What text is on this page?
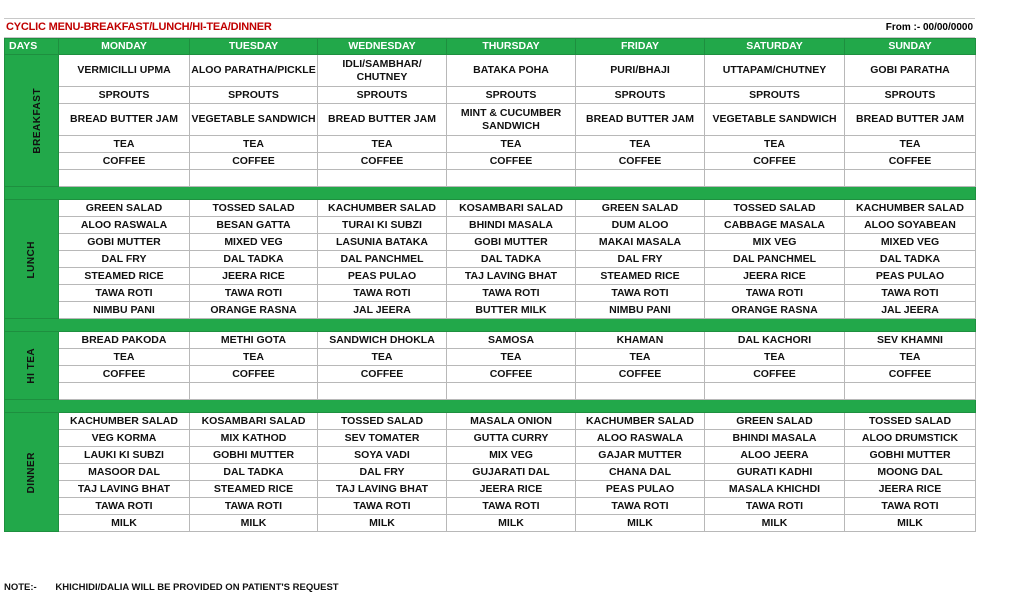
CYCLIC MENU-BREAKFAST/LUNCH/HI-TEA/DINNER	From :- 00/00/0000
DAYS	MONDAY	TUESDAY	WEDNESDAY	THURSDAY	FRIDAY	SATURDAY	SUNDAY
BREAKFAST	VERMICILLI UPMA	ALOO PARATHA/PICKLE	IDLI/SAMBHAR/ CHUTNEY	BATAKA POHA	PURI/BHAJI	UTTAPAM/CHUTNEY	GOBI PARATHA
	SPROUTS	SPROUTS	SPROUTS	SPROUTS	SPROUTS	SPROUTS	SPROUTS
	BREAD BUTTER JAM	VEGETABLE SANDWICH	BREAD BUTTER JAM	MINT & CUCUMBER SANDWICH	BREAD BUTTER JAM	VEGETABLE SANDWICH	BREAD BUTTER JAM
	TEA	TEA	TEA	TEA	TEA	TEA	TEA
	COFFEE	COFFEE	COFFEE	COFFEE	COFFEE	COFFEE	COFFEE

LUNCH	GREEN SALAD	TOSSED SALAD	KACHUMBER SALAD	KOSAMBARI SALAD	GREEN SALAD	TOSSED SALAD	KACHUMBER SALAD
	ALOO RASWALA	BESAN GATTA	TURAI KI SUBZI	BHINDI MASALA	DUM ALOO	CABBAGE MASALA	ALOO SOYABEAN
	GOBI MUTTER	MIXED VEG	LASUNIA BATAKA	GOBI MUTTER	MAKAI MASALA	MIX VEG	MIXED VEG
	DAL FRY	DAL TADKA	DAL PANCHMEL	DAL TADKA	DAL FRY	DAL PANCHMEL	DAL TADKA
	STEAMED RICE	JEERA RICE	PEAS PULAO	TAJ LAVING BHAT	STEAMED RICE	JEERA RICE	PEAS PULAO
	TAWA ROTI	TAWA ROTI	TAWA ROTI	TAWA ROTI	TAWA ROTI	TAWA ROTI	TAWA ROTI
	NIMBU PANI	ORANGE RASNA	JAL JEERA	BUTTER MILK	NIMBU PANI	ORANGE RASNA	JAL JEERA

HI TEA	BREAD PAKODA	METHI GOTA	SANDWICH DHOKLA	SAMOSA	KHAMAN	DAL KACHORI	SEV KHAMNI
	TEA	TEA	TEA	TEA	TEA	TEA	TEA
	COFFEE	COFFEE	COFFEE	COFFEE	COFFEE	COFFEE	COFFEE

DINNER	KACHUMBER SALAD	KOSAMBARI SALAD	TOSSED SALAD	MASALA ONION	KACHUMBER SALAD	GREEN SALAD	TOSSED SALAD
	VEG KORMA	MIX KATHOD	SEV TOMATER	GUTTA CURRY	ALOO RASWALA	BHINDI MASALA	ALOO DRUMSTICK
	LAUKI KI SUBZI	GOBHI MUTTER	SOYA VADI	MIX VEG	GAJAR MUTTER	ALOO JEERA	GOBHI MUTTER
	MASOOR DAL	DAL TADKA	DAL FRY	GUJARATI DAL	CHANA DAL	GURATI KADHI	MOONG DAL
	TAJ LAVING BHAT	STEAMED RICE	TAJ LAVING BHAT	JEERA RICE	PEAS PULAO	MASALA KHICHDI	JEERA RICE
	TAWA ROTI	TAWA ROTI	TAWA ROTI	TAWA ROTI	TAWA ROTI	TAWA ROTI	TAWA ROTI
	MILK	MILK	MILK	MILK	MILK	MILK	MILK
NOTE:- KHICHIDI/DALIA WILL BE PROVIDED ON PATIENT'S REQUEST
